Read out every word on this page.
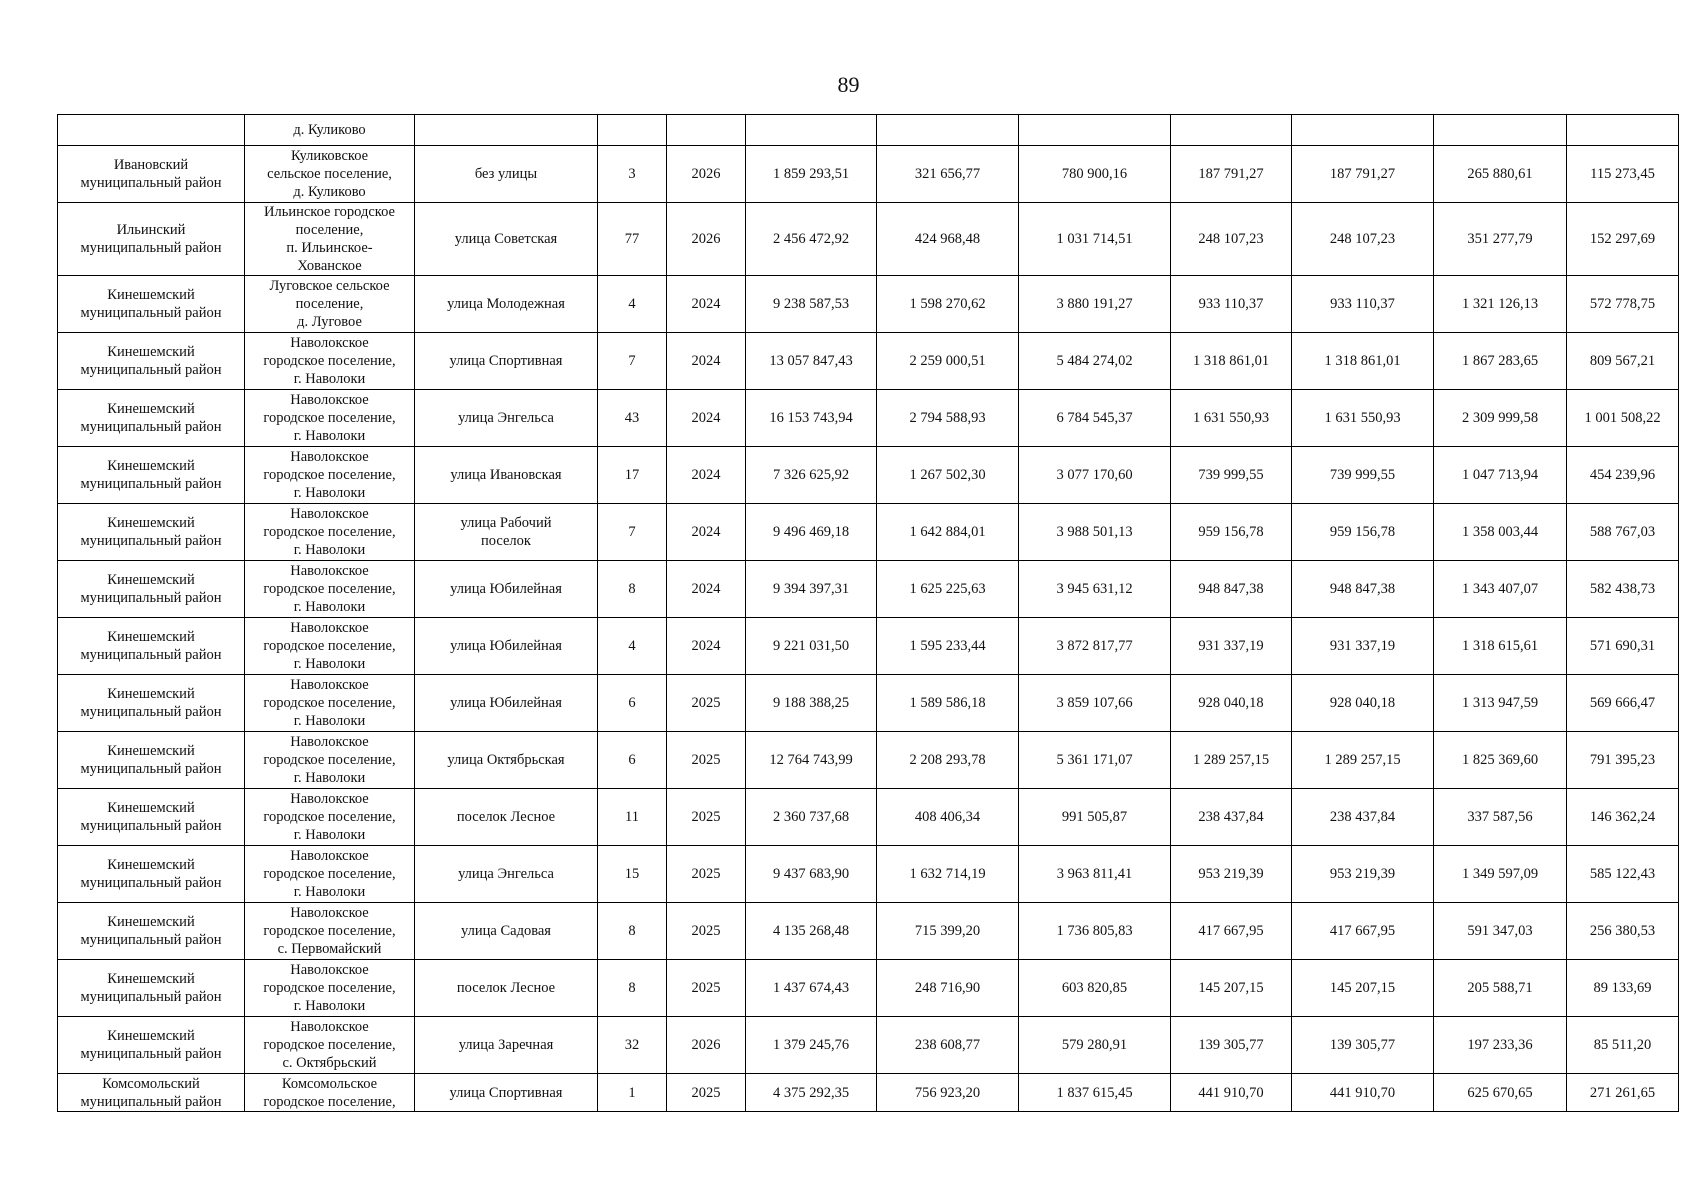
89
	д. Куликово										
Ивановский
муниципальный район	Куликовское
сельское поселение,
д. Куликово	без улицы	3	2026	1 859 293,51	321 656,77	780 900,16	187 791,27	187 791,27	265 880,61	115 273,45
Ильинский
муниципальный район	Ильинское городское
поселение,
п. Ильинское-
Хованское	улица Советская	77	2026	2 456 472,92	424 968,48	1 031 714,51	248 107,23	248 107,23	351 277,79	152 297,69
Кинешемский
муниципальный район	Луговское сельское
поселение,
д. Луговое	улица Молодежная	4	2024	9 238 587,53	1 598 270,62	3 880 191,27	933 110,37	933 110,37	1 321 126,13	572 778,75
Кинешемский
муниципальный район	Наволокское
городское поселение,
г. Наволоки	улица Спортивная	7	2024	13 057 847,43	2 259 000,51	5 484 274,02	1 318 861,01	1 318 861,01	1 867 283,65	809 567,21
Кинешемский
муниципальный район	Наволокское
городское поселение,
г. Наволоки	улица Энгельса	43	2024	16 153 743,94	2 794 588,93	6 784 545,37	1 631 550,93	1 631 550,93	2 309 999,58	1 001 508,22
Кинешемский
муниципальный район	Наволокское
городское поселение,
г. Наволоки	улица Ивановская	17	2024	7 326 625,92	1 267 502,30	3 077 170,60	739 999,55	739 999,55	1 047 713,94	454 239,96
Кинешемский
муниципальный район	Наволокское
городское поселение,
г. Наволоки	улица Рабочий
поселок	7	2024	9 496 469,18	1 642 884,01	3 988 501,13	959 156,78	959 156,78	1 358 003,44	588 767,03
Кинешемский
муниципальный район	Наволокское
городское поселение,
г. Наволоки	улица Юбилейная	8	2024	9 394 397,31	1 625 225,63	3 945 631,12	948 847,38	948 847,38	1 343 407,07	582 438,73
Кинешемский
муниципальный район	Наволокское
городское поселение,
г. Наволоки	улица Юбилейная	4	2024	9 221 031,50	1 595 233,44	3 872 817,77	931 337,19	931 337,19	1 318 615,61	571 690,31
Кинешемский
муниципальный район	Наволокское
городское поселение,
г. Наволоки	улица Юбилейная	6	2025	9 188 388,25	1 589 586,18	3 859 107,66	928 040,18	928 040,18	1 313 947,59	569 666,47
Кинешемский
муниципальный район	Наволокское
городское поселение,
г. Наволоки	улица Октябрьская	6	2025	12 764 743,99	2 208 293,78	5 361 171,07	1 289 257,15	1 289 257,15	1 825 369,60	791 395,23
Кинешемский
муниципальный район	Наволокское
городское поселение,
г. Наволоки	поселок Лесное	11	2025	2 360 737,68	408 406,34	991 505,87	238 437,84	238 437,84	337 587,56	146 362,24
Кинешемский
муниципальный район	Наволокское
городское поселение,
г. Наволоки	улица Энгельса	15	2025	9 437 683,90	1 632 714,19	3 963 811,41	953 219,39	953 219,39	1 349 597,09	585 122,43
Кинешемский
муниципальный район	Наволокское
городское поселение,
с. Первомайский	улица Садовая	8	2025	4 135 268,48	715 399,20	1 736 805,83	417 667,95	417 667,95	591 347,03	256 380,53
Кинешемский
муниципальный район	Наволокское
городское поселение,
г. Наволоки	поселок Лесное	8	2025	1 437 674,43	248 716,90	603 820,85	145 207,15	145 207,15	205 588,71	89 133,69
Кинешемский
муниципальный район	Наволокское
городское поселение,
с. Октябрьский	улица Заречная	32	2026	1 379 245,76	238 608,77	579 280,91	139 305,77	139 305,77	197 233,36	85 511,20
Комсомольский
муниципальный район	Комсомольское
городское поселение,	улица Спортивная	1	2025	4 375 292,35	756 923,20	1 837 615,45	441 910,70	441 910,70	625 670,65	271 261,65
